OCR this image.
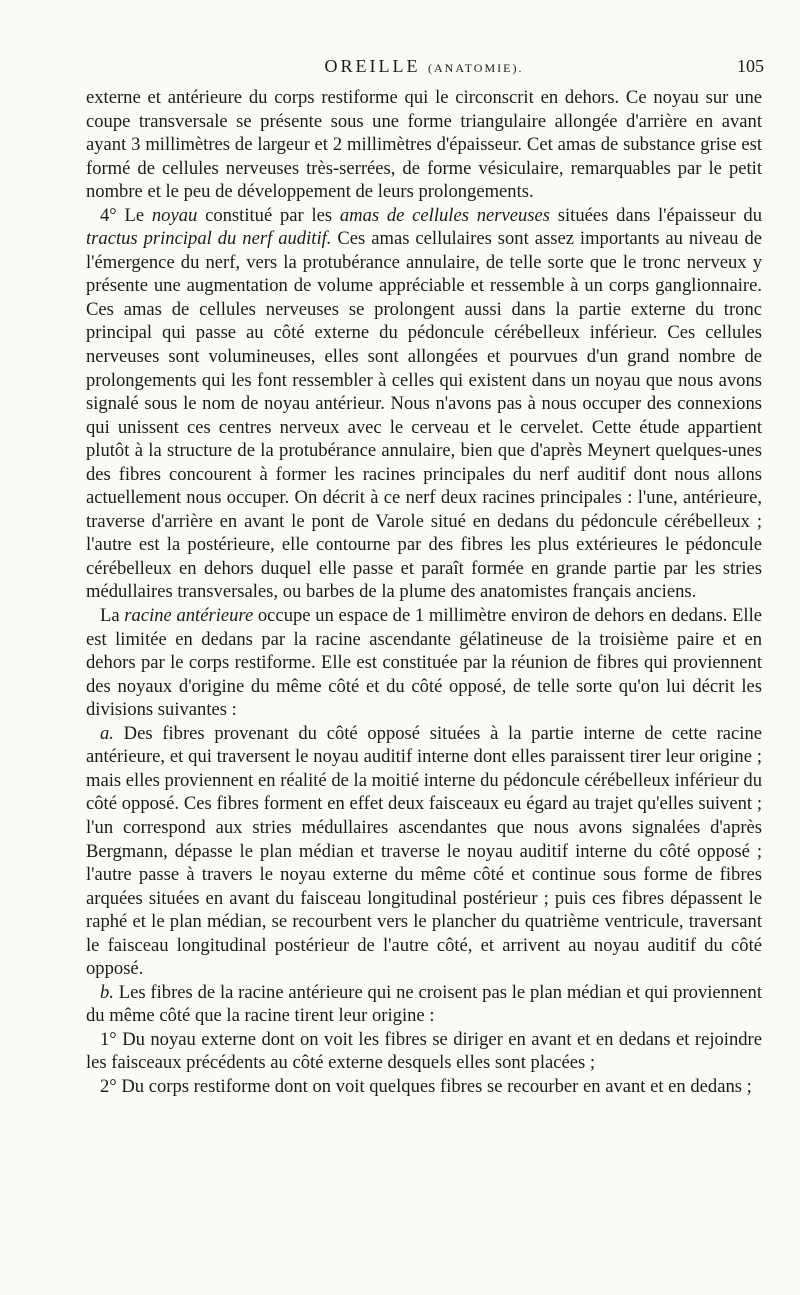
OREILLE (ANATOMIE).	105

externe et antérieure du corps restiforme qui le circonscrit en dehors. Ce noyau sur une coupe transversale se présente sous une forme triangulaire allongée d'arrière en avant ayant 3 millimètres de largeur et 2 millimètres d'épaisseur. Cet amas de substance grise est formé de cellules nerveuses très-serrées, de forme vésiculaire, remarquables par le petit nombre et le peu de développement de leurs prolongements.

4° Le noyau constitué par les amas de cellules nerveuses situées dans l'épaisseur du tractus principal du nerf auditif. Ces amas cellulaires sont assez importants au niveau de l'émergence du nerf, vers la protubérance annulaire, de telle sorte que le tronc nerveux y présente une augmentation de volume appréciable et ressemble à un corps ganglionnaire. Ces amas de cellules nerveuses se prolongent aussi dans la partie externe du tronc principal qui passe au côté externe du pédoncule cérébelleux inférieur. Ces cellules nerveuses sont volumineuses, elles sont allongées et pourvues d'un grand nombre de prolongements qui les font ressembler à celles qui existent dans un noyau que nous avons signalé sous le nom de noyau antérieur. Nous n'avons pas à nous occuper des connexions qui unissent ces centres nerveux avec le cerveau et le cervelet. Cette étude appartient plutôt à la structure de la protubérance annulaire, bien que d'après Meynert quelques-unes des fibres concourent à former les racines principales du nerf auditif dont nous allons actuellement nous occuper. On décrit à ce nerf deux racines principales : l'une, antérieure, traverse d'arrière en avant le pont de Varole situé en dedans du pédoncule cérébelleux ; l'autre est la postérieure, elle contourne par des fibres les plus extérieures le pédoncule cérébelleux en dehors duquel elle passe et paraît formée en grande partie par les stries médullaires transversales, ou barbes de la plume des anatomistes français anciens.

La racine antérieure occupe un espace de 1 millimètre environ de dehors en dedans. Elle est limitée en dedans par la racine ascendante gélatineuse de la troisième paire et en dehors par le corps restiforme. Elle est constituée par la réunion de fibres qui proviennent des noyaux d'origine du même côté et du côté opposé, de telle sorte qu'on lui décrit les divisions suivantes :

a. Des fibres provenant du côté opposé situées à la partie interne de cette racine antérieure, et qui traversent le noyau auditif interne dont elles paraissent tirer leur origine ; mais elles proviennent en réalité de la moitié interne du pédoncule cérébelleux inférieur du côté opposé. Ces fibres forment en effet deux faisceaux eu égard au trajet qu'elles suivent ; l'un correspond aux stries médullaires ascendantes que nous avons signalées d'après Bergmann, dépasse le plan médian et traverse le noyau auditif interne du côté opposé ; l'autre passe à travers le noyau externe du même côté et continue sous forme de fibres arquées situées en avant du faisceau longitudinal postérieur ; puis ces fibres dépassent le raphé et le plan médian, se recourbent vers le plancher du quatrième ventricule, traversant le faisceau longitudinal postérieur de l'autre côté, et arrivent au noyau auditif du côté opposé.

b. Les fibres de la racine antérieure qui ne croisent pas le plan médian et qui proviennent du même côté que la racine tirent leur origine :

1° Du noyau externe dont on voit les fibres se diriger en avant et en dedans et rejoindre les faisceaux précédents au côté externe desquels elles sont placées ;

2° Du corps restiforme dont on voit quelques fibres se recourber en avant et en dedans ;
